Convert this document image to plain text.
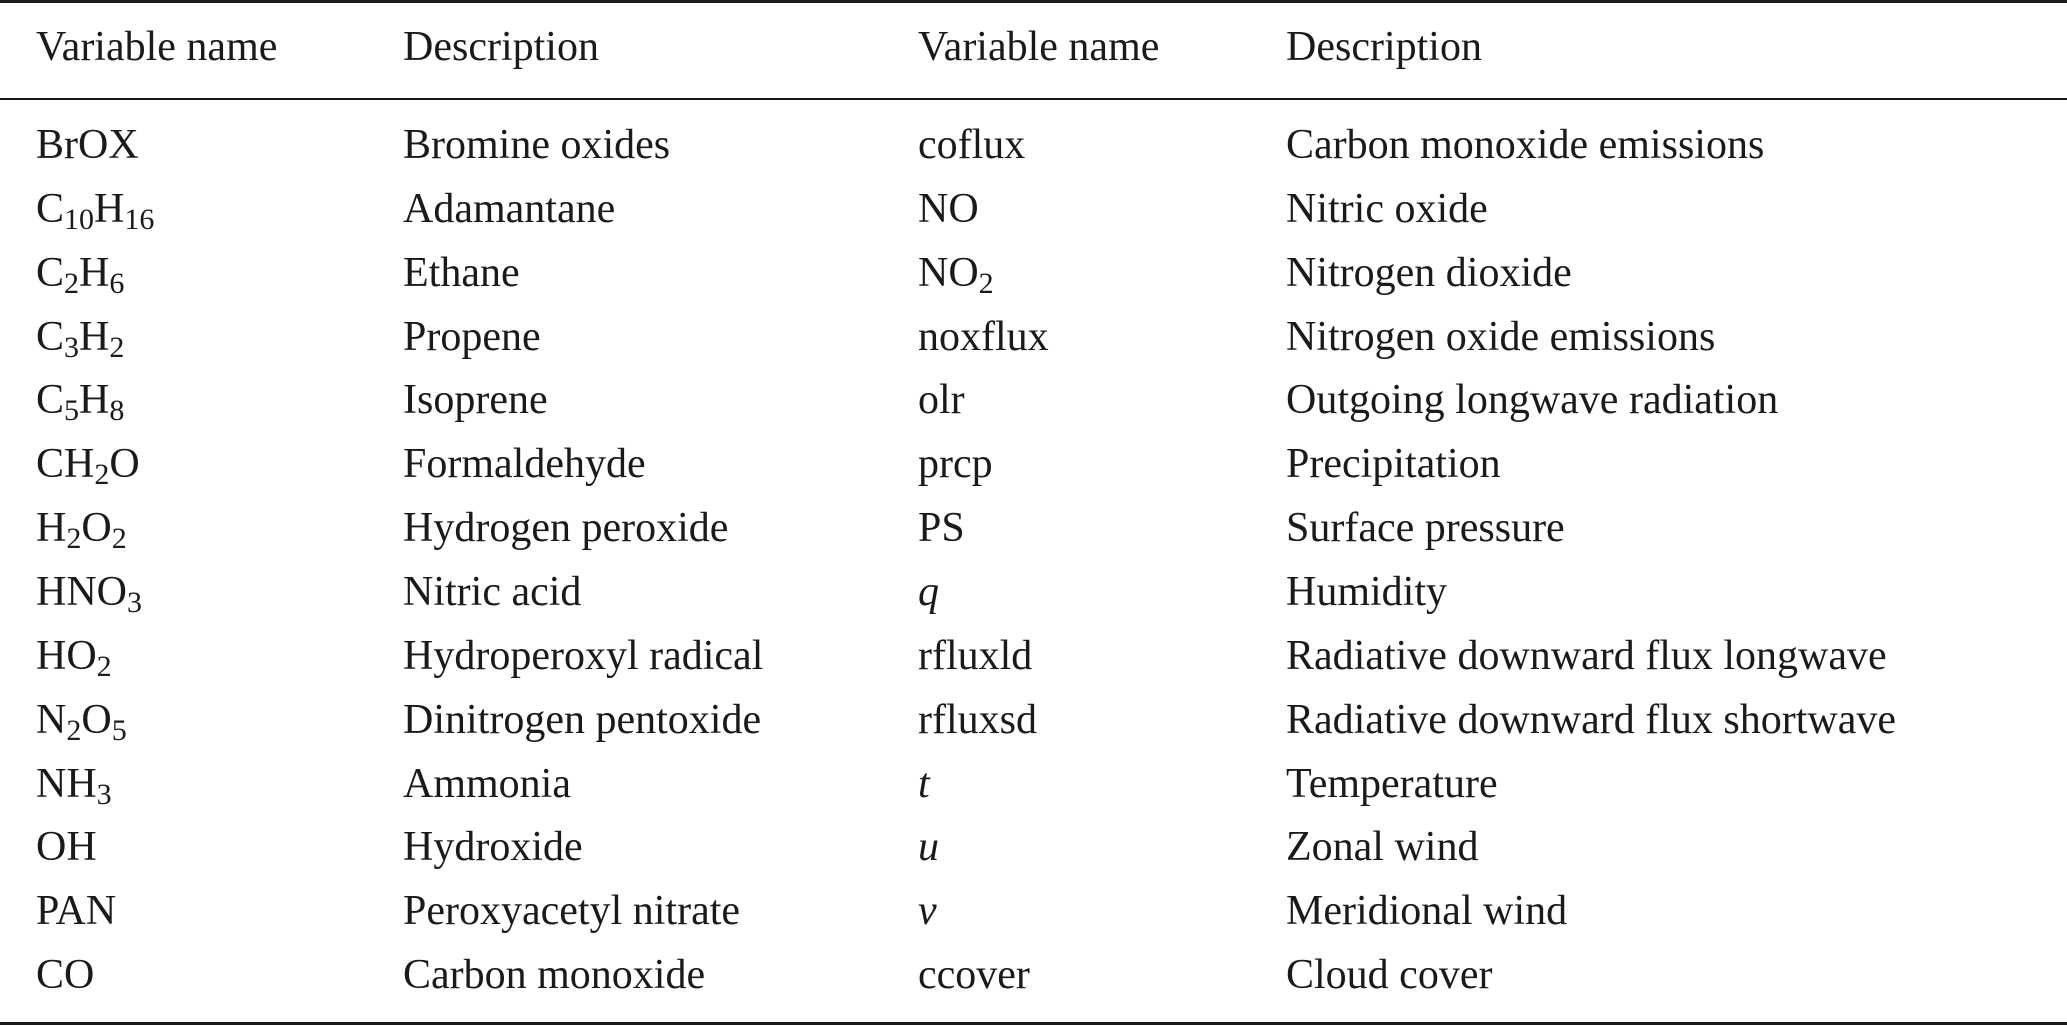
Variable name	Description	Variable name	Description
BrOX	Bromine oxides	coflux	Carbon monoxide emissions
$C_{10}H_{16}$	Adamantane	NO	Nitric oxide
$C_2H_6$	Ethane	$NO_2$	Nitrogen dioxide
$C_3H_2$	Propene	noxflux	Nitrogen oxide emissions
$C_5H_8$	Isoprene	olr	Outgoing longwave radiation
$CH_2O$	Formaldehyde	prcp	Precipitation
$H_2O_2$	Hydrogen peroxide	PS	Surface pressure
$HNO_3$	Nitric acid	q	Humidity
$HO_2$	Hydroperoxyl radical	rfluxld	Radiative downward flux longwave
$N_2O_5$	Dinitrogen pentoxide	rfluxsd	Radiative downward flux shortwave
$NH_3$	Ammonia	t	Temperature
OH	Hydroxide	u	Zonal wind
PAN	Peroxyacetyl nitrate	v	Meridional wind
CO	Carbon monoxide	ccover	Cloud cover
